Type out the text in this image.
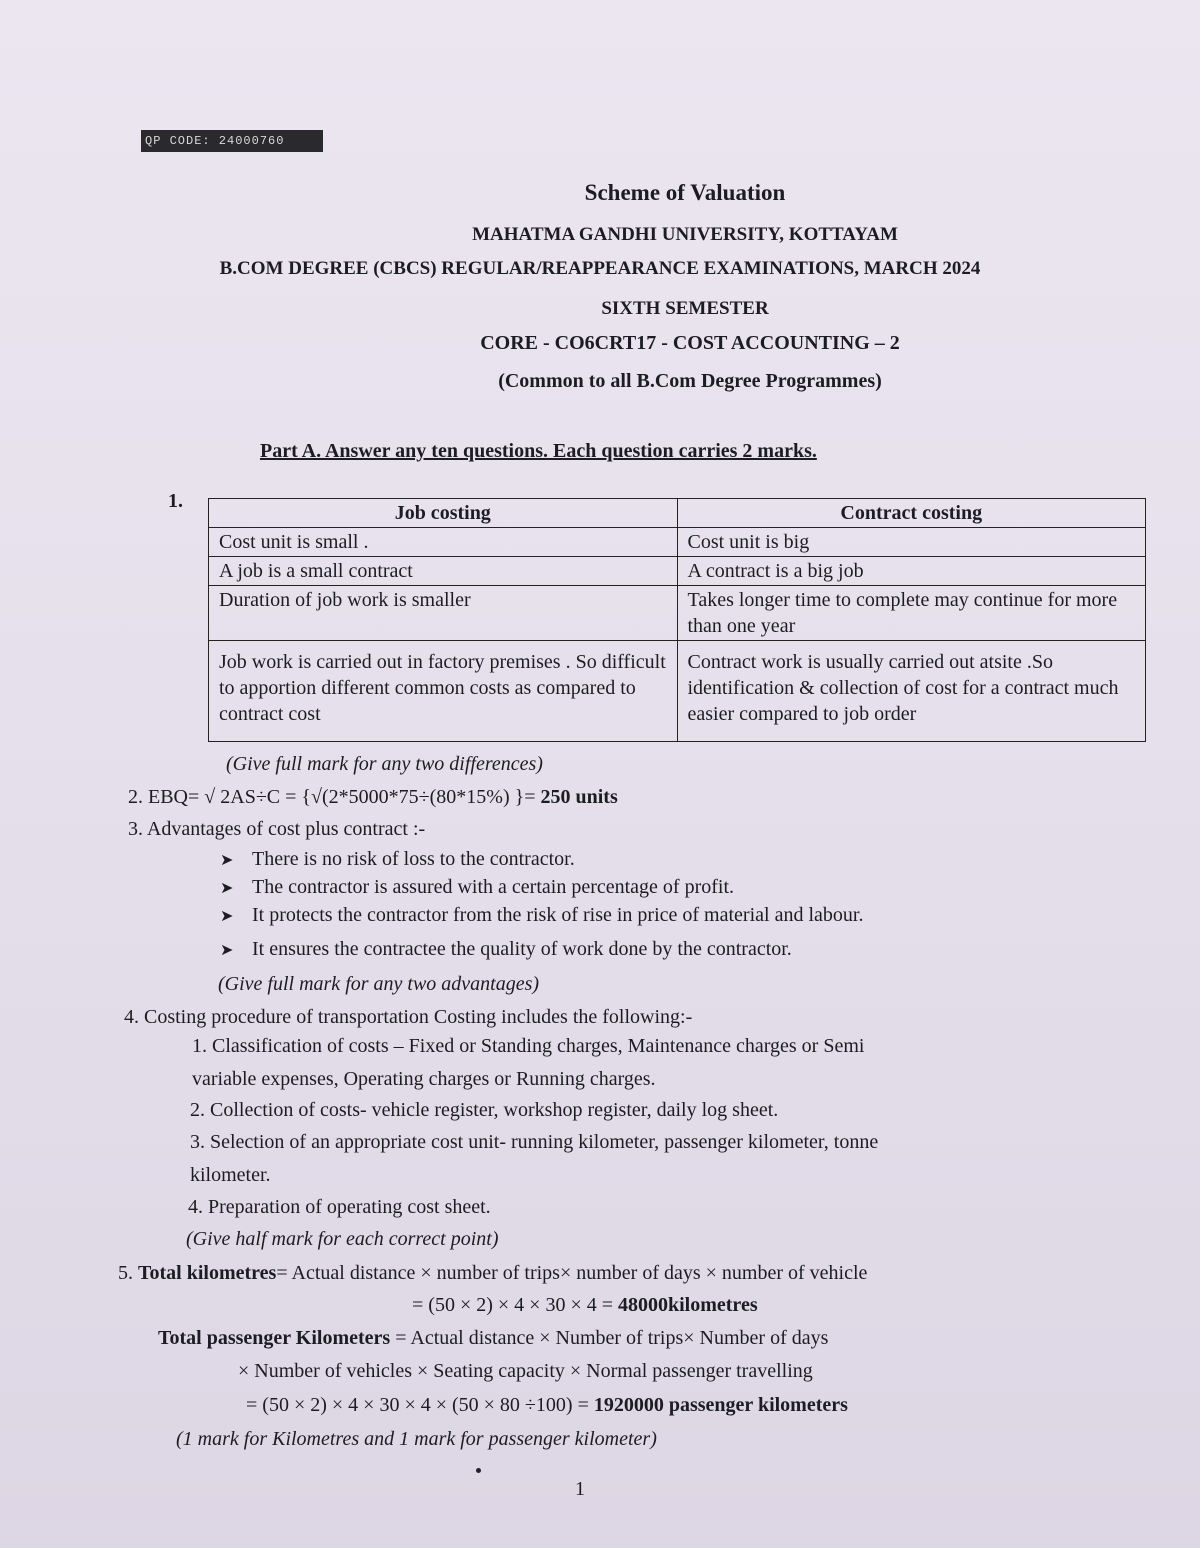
QP CODE: 24000760
Scheme of Valuation
MAHATMA GANDHI UNIVERSITY, KOTTAYAM
B.COM DEGREE (CBCS) REGULAR/REAPPEARANCE EXAMINATIONS, MARCH 2024
SIXTH SEMESTER
CORE - CO6CRT17 - COST ACCOUNTING – 2
(Common to all B.Com Degree Programmes)
Part A. Answer any ten questions. Each question carries 2 marks.
1.
Job costing	Contract costing
Cost unit is small .	Cost unit is big
A job is a small contract	A contract is a big job
Duration of job work is smaller	Takes longer time to complete may continue for more than one year
Job work is carried out in factory premises . So difficult to apportion different common costs as compared to contract cost	Contract work is usually carried out atsite .So identification & collection of cost for a contract much easier compared to job order
(Give full mark for any two differences)
2. EBQ= √ 2AS÷C = {√(2*5000*75÷(80*15%) }= 250 units
3. Advantages of cost plus contract :-
➤ There is no risk of loss to the contractor.
➤ The contractor is assured with a certain percentage of profit.
➤ It protects the contractor from the risk of rise in price of material and labour.
➤ It ensures the contractee the quality of work done by the contractor.
(Give full mark for any two advantages)
4. Costing procedure of transportation Costing includes the following:-
1. Classification of costs – Fixed or Standing charges, Maintenance charges or Semi
variable expenses, Operating charges or Running charges.
2. Collection of costs- vehicle register, workshop register, daily log sheet.
3. Selection of an appropriate cost unit- running kilometer, passenger kilometer, tonne
kilometer.
4. Preparation of operating cost sheet.
(Give half mark for each correct point)
5. Total kilometres= Actual distance × number of trips× number of days × number of vehicle
= (50 × 2) × 4 × 30 × 4 = 48000kilometres
Total passenger Kilometers = Actual distance × Number of trips× Number of days
× Number of vehicles × Seating capacity × Normal passenger travelling
= (50 × 2) × 4 × 30 × 4 × (50 × 80 ÷100) = 1920000 passenger kilometers
(1 mark for Kilometres and 1 mark for passenger kilometer)
1
